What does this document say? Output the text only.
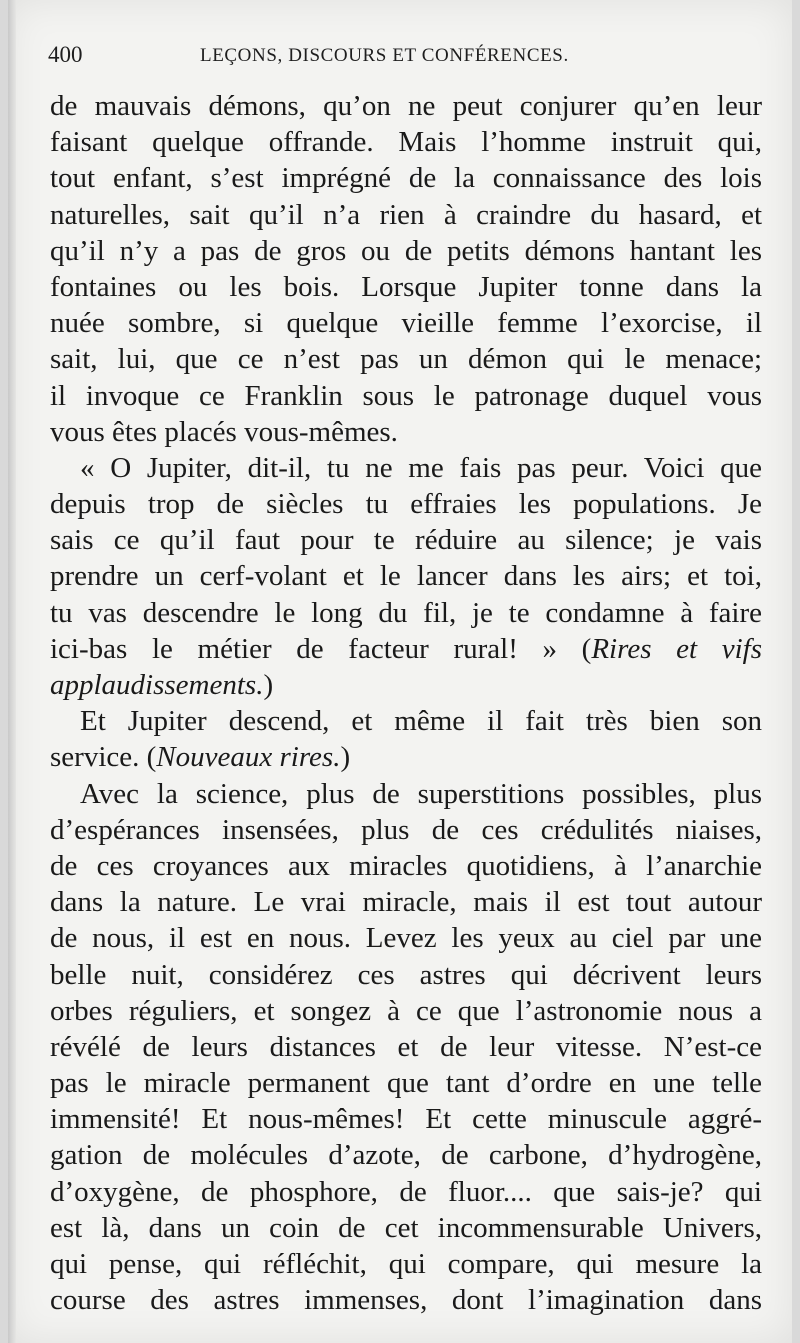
400	LEÇONS, DISCOURS ET CONFÉRENCES.
de mauvais démons, qu’on ne peut conjurer qu’en leur
faisant quelque offrande. Mais l’homme instruit qui,
tout enfant, s’est imprégné de la connaissance des lois
naturelles, sait qu’il n’a rien à craindre du hasard, et
qu’il n’y a pas de gros ou de petits démons hantant les
fontaines ou les bois. Lorsque Jupiter tonne dans la
nuée sombre, si quelque vieille femme l’exorcise, il
sait, lui, que ce n’est pas un démon qui le menace;
il invoque ce Franklin sous le patronage duquel vous
vous êtes placés vous-mêmes.
« O Jupiter, dit-il, tu ne me fais pas peur. Voici que
depuis trop de siècles tu effraies les populations. Je
sais ce qu’il faut pour te réduire au silence; je vais
prendre un cerf-volant et le lancer dans les airs; et toi,
tu vas descendre le long du fil, je te condamne à faire
ici-bas le métier de facteur rural! » (Rires et vifs
applaudissements.)
Et Jupiter descend, et même il fait très bien son
service. (Nouveaux rires.)
Avec la science, plus de superstitions possibles, plus
d’espérances insensées, plus de ces crédulités niaises,
de ces croyances aux miracles quotidiens, à l’anarchie
dans la nature. Le vrai miracle, mais il est tout autour
de nous, il est en nous. Levez les yeux au ciel par une
belle nuit, considérez ces astres qui décrivent leurs
orbes réguliers, et songez à ce que l’astronomie nous a
révélé de leurs distances et de leur vitesse. N’est-ce
pas le miracle permanent que tant d’ordre en une telle
immensité! Et nous-mêmes! Et cette minuscule aggré-
gation de molécules d’azote, de carbone, d’hydrogène,
d’oxygène, de phosphore, de fluor.... que sais-je? qui
est là, dans un coin de cet incommensurable Univers,
qui pense, qui réfléchit, qui compare, qui mesure la
course des astres immenses, dont l’imagination dans
